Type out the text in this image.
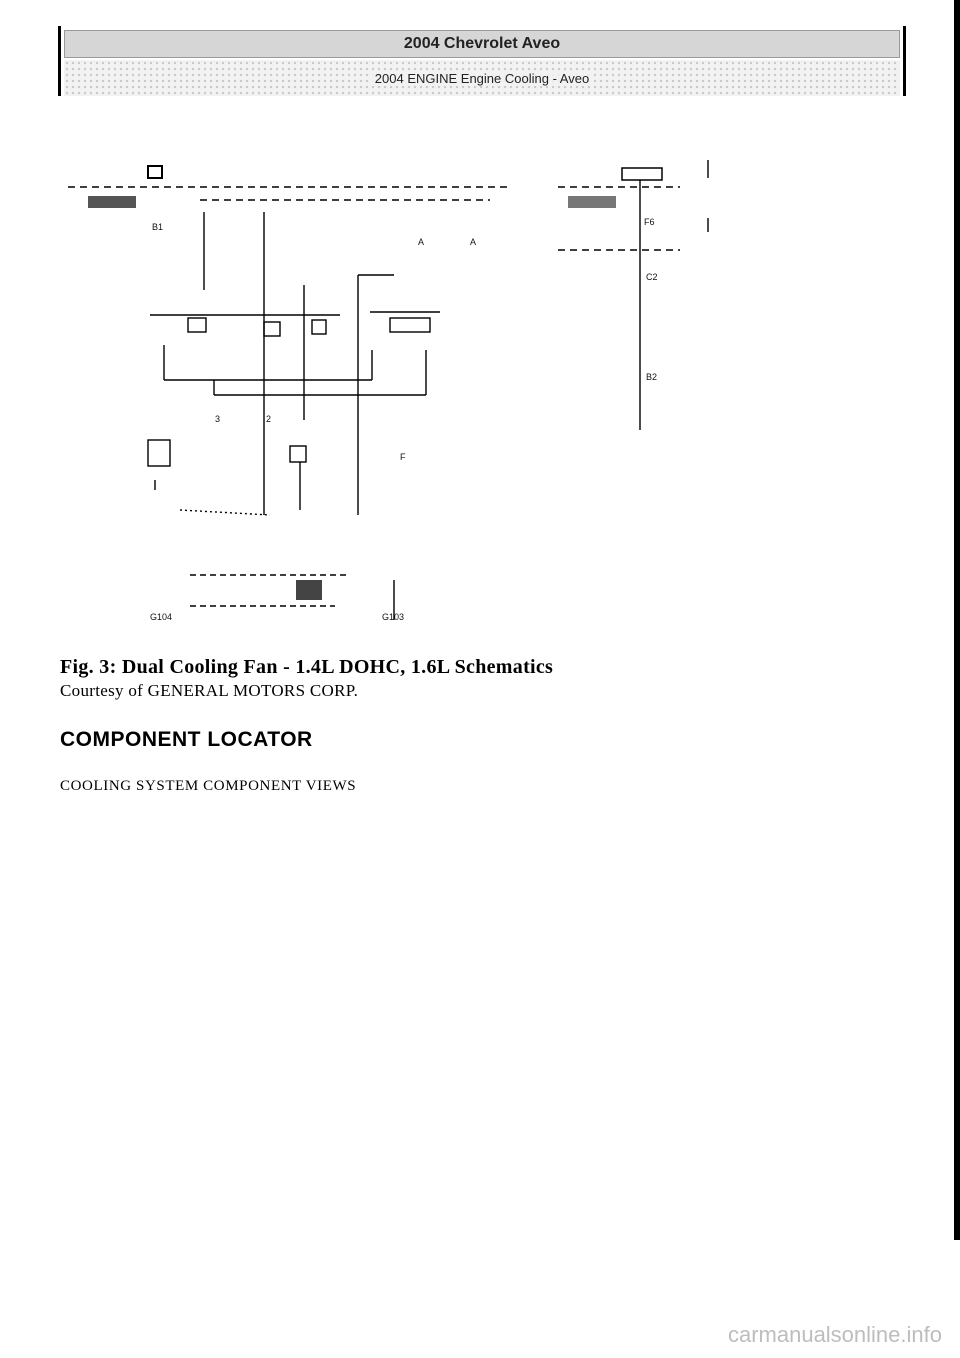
2004 Chevrolet Aveo
2004 ENGINE Engine Cooling - Aveo
B1
A	A
F6
C2
B2
3	2
F
G104	G103
Fig. 3: Dual Cooling Fan - 1.4L DOHC, 1.6L Schematics
Courtesy of GENERAL MOTORS CORP.
COMPONENT LOCATOR
COOLING SYSTEM COMPONENT VIEWS
carmanualsonline.info
